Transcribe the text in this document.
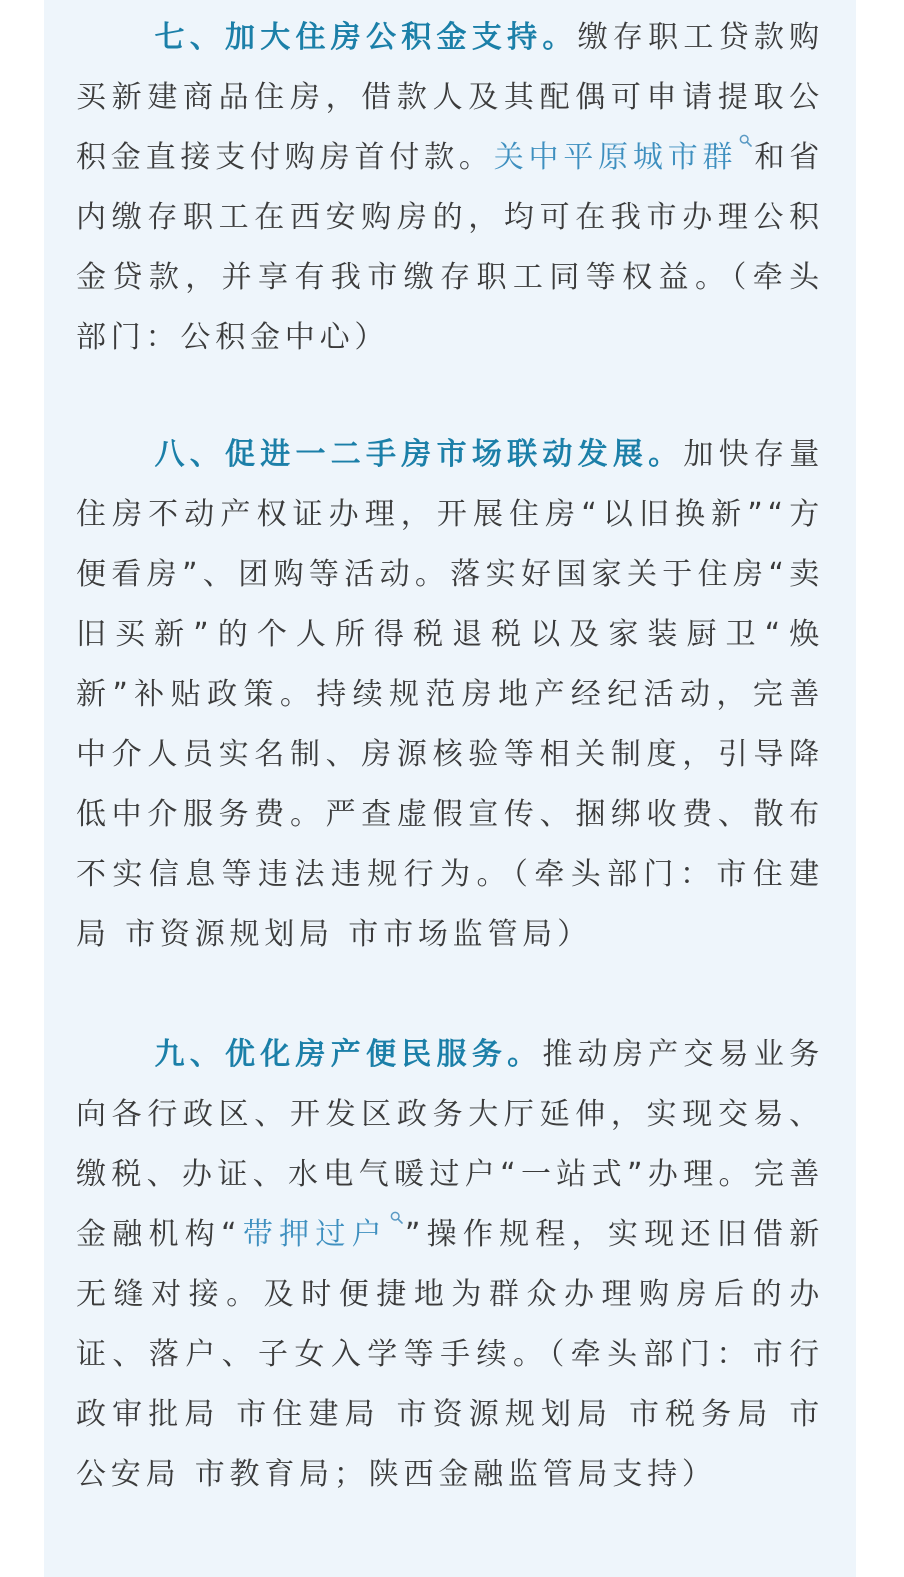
七、加大住房公积金支持。缴存职工贷款购买新建商品住房，借款人及其配偶可申请提取公积金直接支付购房首付款。关中平原城市群 和省内缴存职工在西安购房的，均可在我市办理公积金贷款，并享有我市缴存职工同等权益。（牵头部门：公积金中心）

八、促进一二手房市场联动发展。加快存量住房不动产权证办理，开展住房“以旧换新”“方便看房”、团购等活动。落实好国家关于住房“卖旧买新”的个人所得税退税以及家装厨卫“焕新”补贴政策。持续规范房地产经纪活动，完善中介人员实名制、房源核验等相关制度，引导降低中介服务费。严查虚假宣传、捆绑收费、散布不实信息等违法违规行为。（牵头部门：市住建局 市资源规划局 市市场监管局）

九、优化房产便民服务。推动房产交易业务向各行政区、开发区政务大厅延伸，实现交易、缴税、办证、水电气暖过户“一站式”办理。完善金融机构“带押过户 ”操作规程，实现还旧借新无缝对接。及时便捷地为群众办理购房后的办证、落户、子女入学等手续。（牵头部门：市行政审批局 市住建局 市资源规划局 市税务局 市公安局 市教育局；陕西金融监管局支持）
